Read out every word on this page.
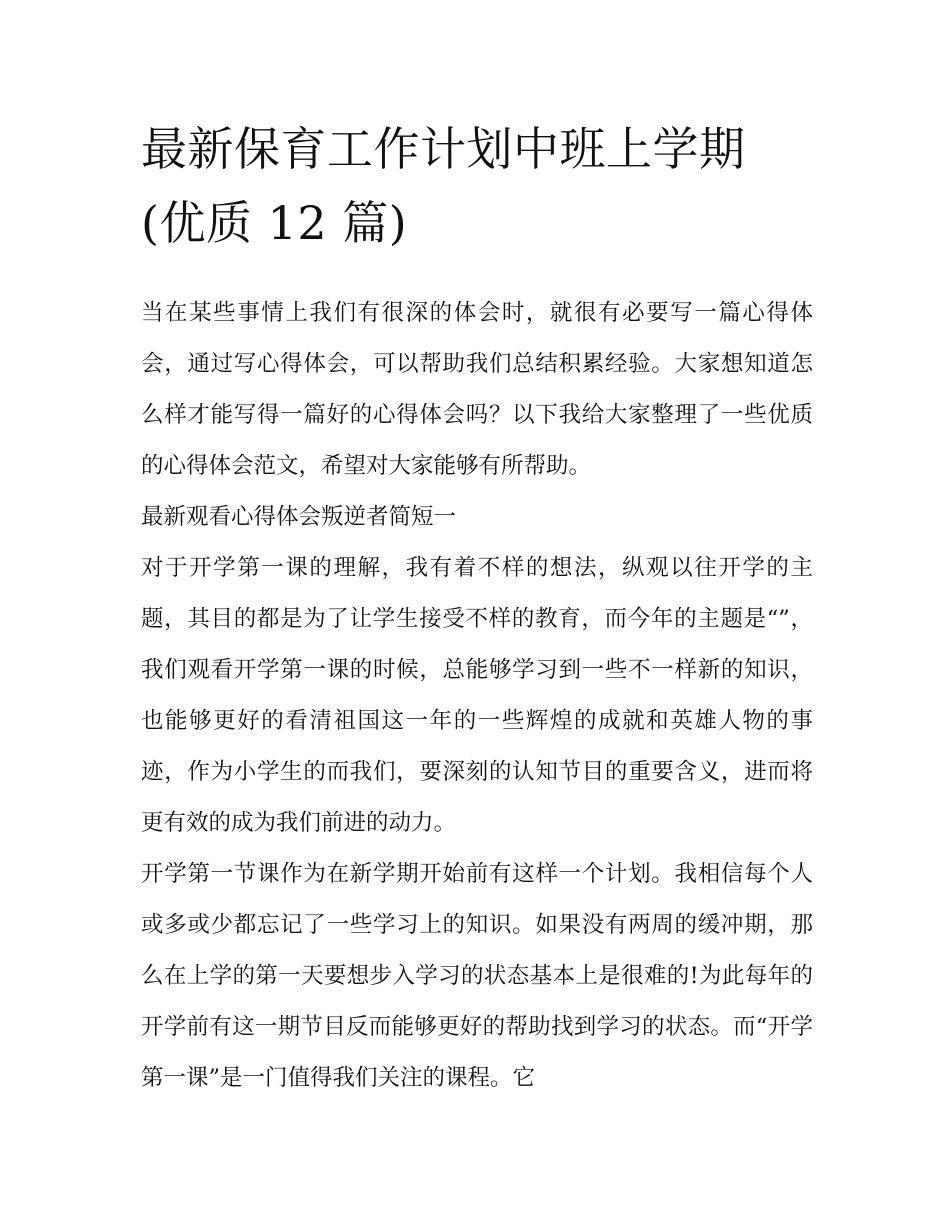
最新保育工作计划中班上学期
(优质 12 篇)

当在某些事情上我们有很深的体会时，就很有必要写一篇心得体会，通过写心得体会，可以帮助我们总结积累经验。大家想知道怎么样才能写得一篇好的心得体会吗？以下我给大家整理了一些优质的心得体会范文，希望对大家能够有所帮助。

最新观看心得体会叛逆者简短一

对于开学第一课的理解，我有着不样的想法，纵观以往开学的主题，其目的都是为了让学生接受不样的教育，而今年的主题是“”，我们观看开学第一课的时候，总能够学习到一些不一样新的知识，也能够更好的看清祖国这一年的一些辉煌的成就和英雄人物的事迹，作为小学生的而我们，要深刻的认知节目的重要含义，进而将更有效的成为我们前进的动力。

开学第一节课作为在新学期开始前有这样一个计划。我相信每个人或多或少都忘记了一些学习上的知识。如果没有两周的缓冲期，那么在上学的第一天要想步入学习的状态基本上是很难的!为此每年的开学前有这一期节目反而能够更好的帮助找到学习的状态。而“开学第一课”是一门值得我们关注的课程。它
